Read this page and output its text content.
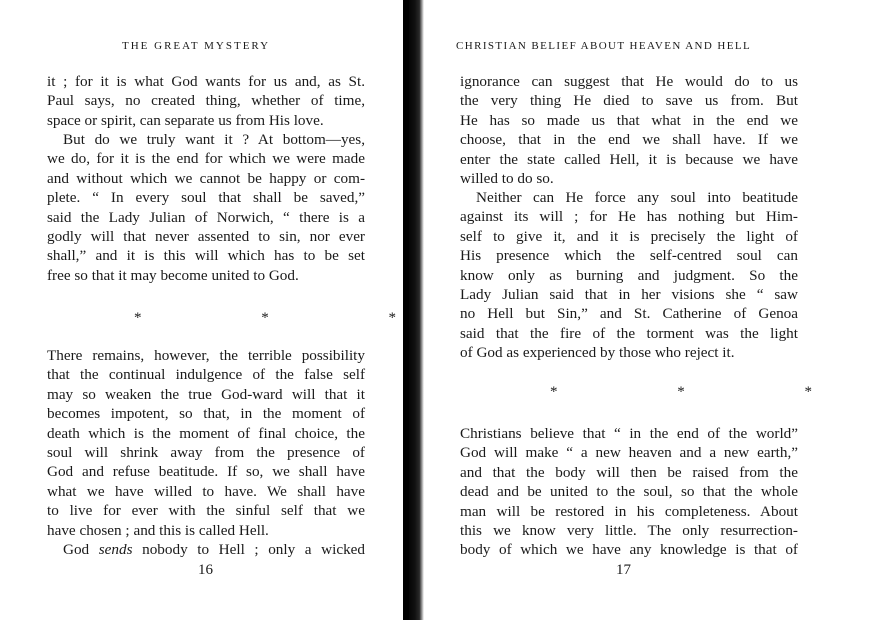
THE GREAT MYSTERY
it ; for it is what God wants for us and, as St.
Paul says, no created thing, whether of time,
space or spirit, can separate us from His love.
But do we truly want it ? At bottom—yes,
we do, for it is the end for which we were made
and without which we cannot be happy or com-
plete. “ In every soul that shall be saved,”
said the Lady Julian of Norwich, “ there is a
godly will that never assented to sin, nor ever
shall,” and it is this will which has to be set
free so that it may become united to God.
* * *
There remains, however, the terrible possibility
that the continual indulgence of the false self
may so weaken the true God-ward will that it
becomes impotent, so that, in the moment of
death which is the moment of final choice, the
soul will shrink away from the presence of
God and refuse beatitude. If so, we shall have
what we have willed to have. We shall have
to live for ever with the sinful self that we
have chosen ; and this is called Hell.
God sends nobody to Hell ; only a wicked
16
CHRISTIAN BELIEF ABOUT HEAVEN AND HELL
ignorance can suggest that He would do to us
the very thing He died to save us from. But
He has so made us that what in the end we
choose, that in the end we shall have. If we
enter the state called Hell, it is because we have
willed to do so.
Neither can He force any soul into beatitude
against its will ; for He has nothing but Him-
self to give it, and it is precisely the light of
His presence which the self-centred soul can
know only as burning and judgment. So the
Lady Julian said that in her visions she “ saw
no Hell but Sin,” and St. Catherine of Genoa
said that the fire of the torment was the light
of God as experienced by those who reject it.
* * *
Christians believe that “ in the end of the world”
God will make “ a new heaven and a new earth,”
and that the body will then be raised from the
dead and be united to the soul, so that the whole
man will be restored in his completeness. About
this we know very little. The only resurrection-
body of which we have any knowledge is that of
17
